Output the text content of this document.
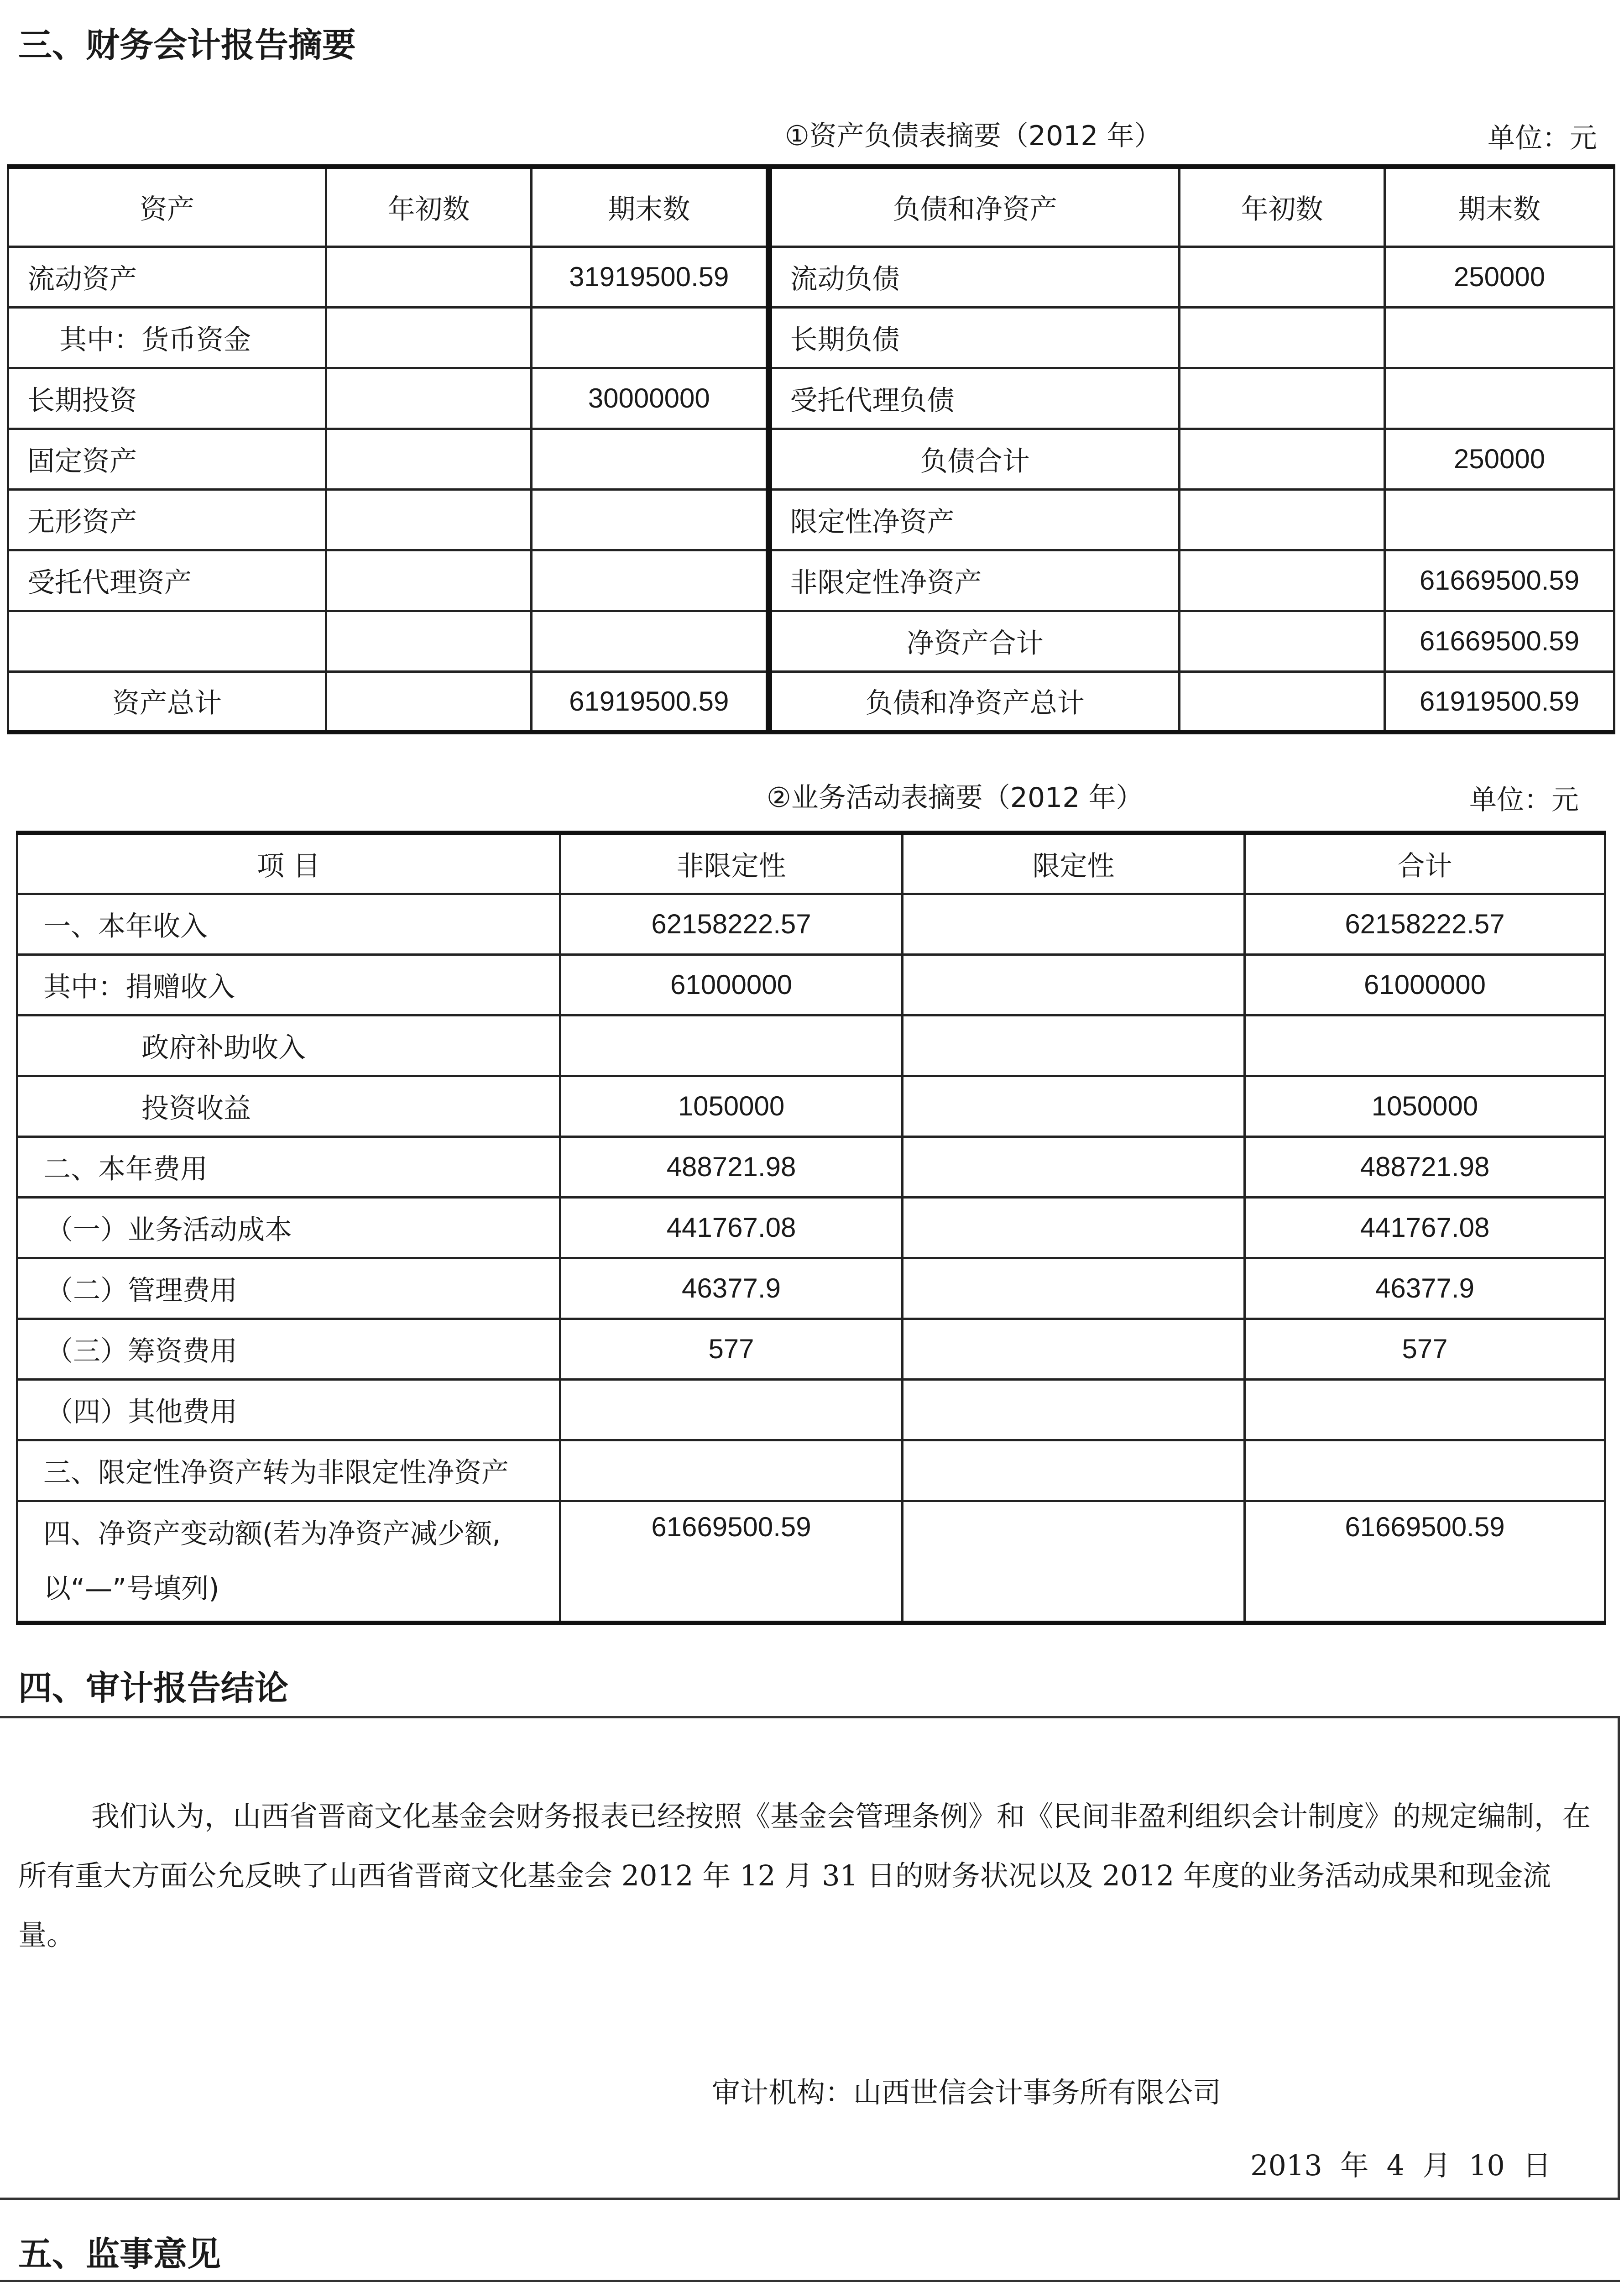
三、财务会计报告摘要
①资产负债表摘要（2012 年）	单位：元
资产	年初数	期末数	负债和净资产	年初数	期末数
流动资产		31919500.59	流动负债		250000
其中：货币资金			长期负债		
长期投资		30000000	受托代理负债		
固定资产			负债合计		250000
无形资产			限定性净资产		
受托代理资产			非限定性净资产		61669500.59
			净资产合计		61669500.59
资产总计		61919500.59	负债和净资产总计		61919500.59
②业务活动表摘要（2012 年）	单位：元
项 目	非限定性	限定性	合计
一、本年收入	62158222.57		62158222.57
其中：捐赠收入	61000000		61000000
政府补助收入			
投资收益	1050000		1050000
二、本年费用	488721.98		488721.98
（一）业务活动成本	441767.08		441767.08
（二）管理费用	46377.9		46377.9
（三）筹资费用	577		577
（四）其他费用			
三、限定性净资产转为非限定性净资产			
四、净资产变动额(若为净资产减少额,以“—”号填列)	61669500.59		61669500.59
四、审计报告结论
我们认为，山西省晋商文化基金会财务报表已经按照《基金会管理条例》和《民间非盈利组织会计制度》的规定编制，在所有重大方面公允反映了山西省晋商文化基金会 2012 年 12 月 31 日的财务状况以及 2012 年度的业务活动成果和现金流量。
审计机构：山西世信会计事务所有限公司
2013  年  4  月  10  日
五、监事意见
